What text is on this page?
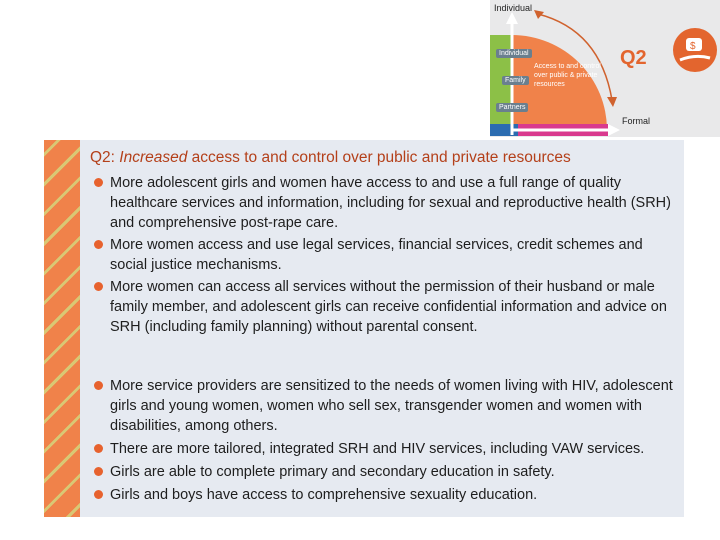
$
Individual
Formal
Individual
Family
Partners
Access to and control over public & private resources
Q2
Q2: Increased access to and control over public and private resources
More adolescent girls and women have access to and use a full range of quality healthcare services and information, including for sexual and reproductive health (SRH) and comprehensive post-rape care.
More women access and use legal services, financial services, credit schemes and social justice mechanisms.
More women can access all services without the permission of their husband or male family member, and adolescent girls can receive confidential information and advice on SRH (including family planning) without parental consent.
More service providers are sensitized to the needs of women living with HIV, adolescent girls and young women, women who sell sex, transgender women and women with disabilities, among others.
There are more tailored, integrated SRH and HIV services, including VAW services.
Girls are able to complete primary and secondary education in safety.
Girls and boys have access to comprehensive sexuality education.
